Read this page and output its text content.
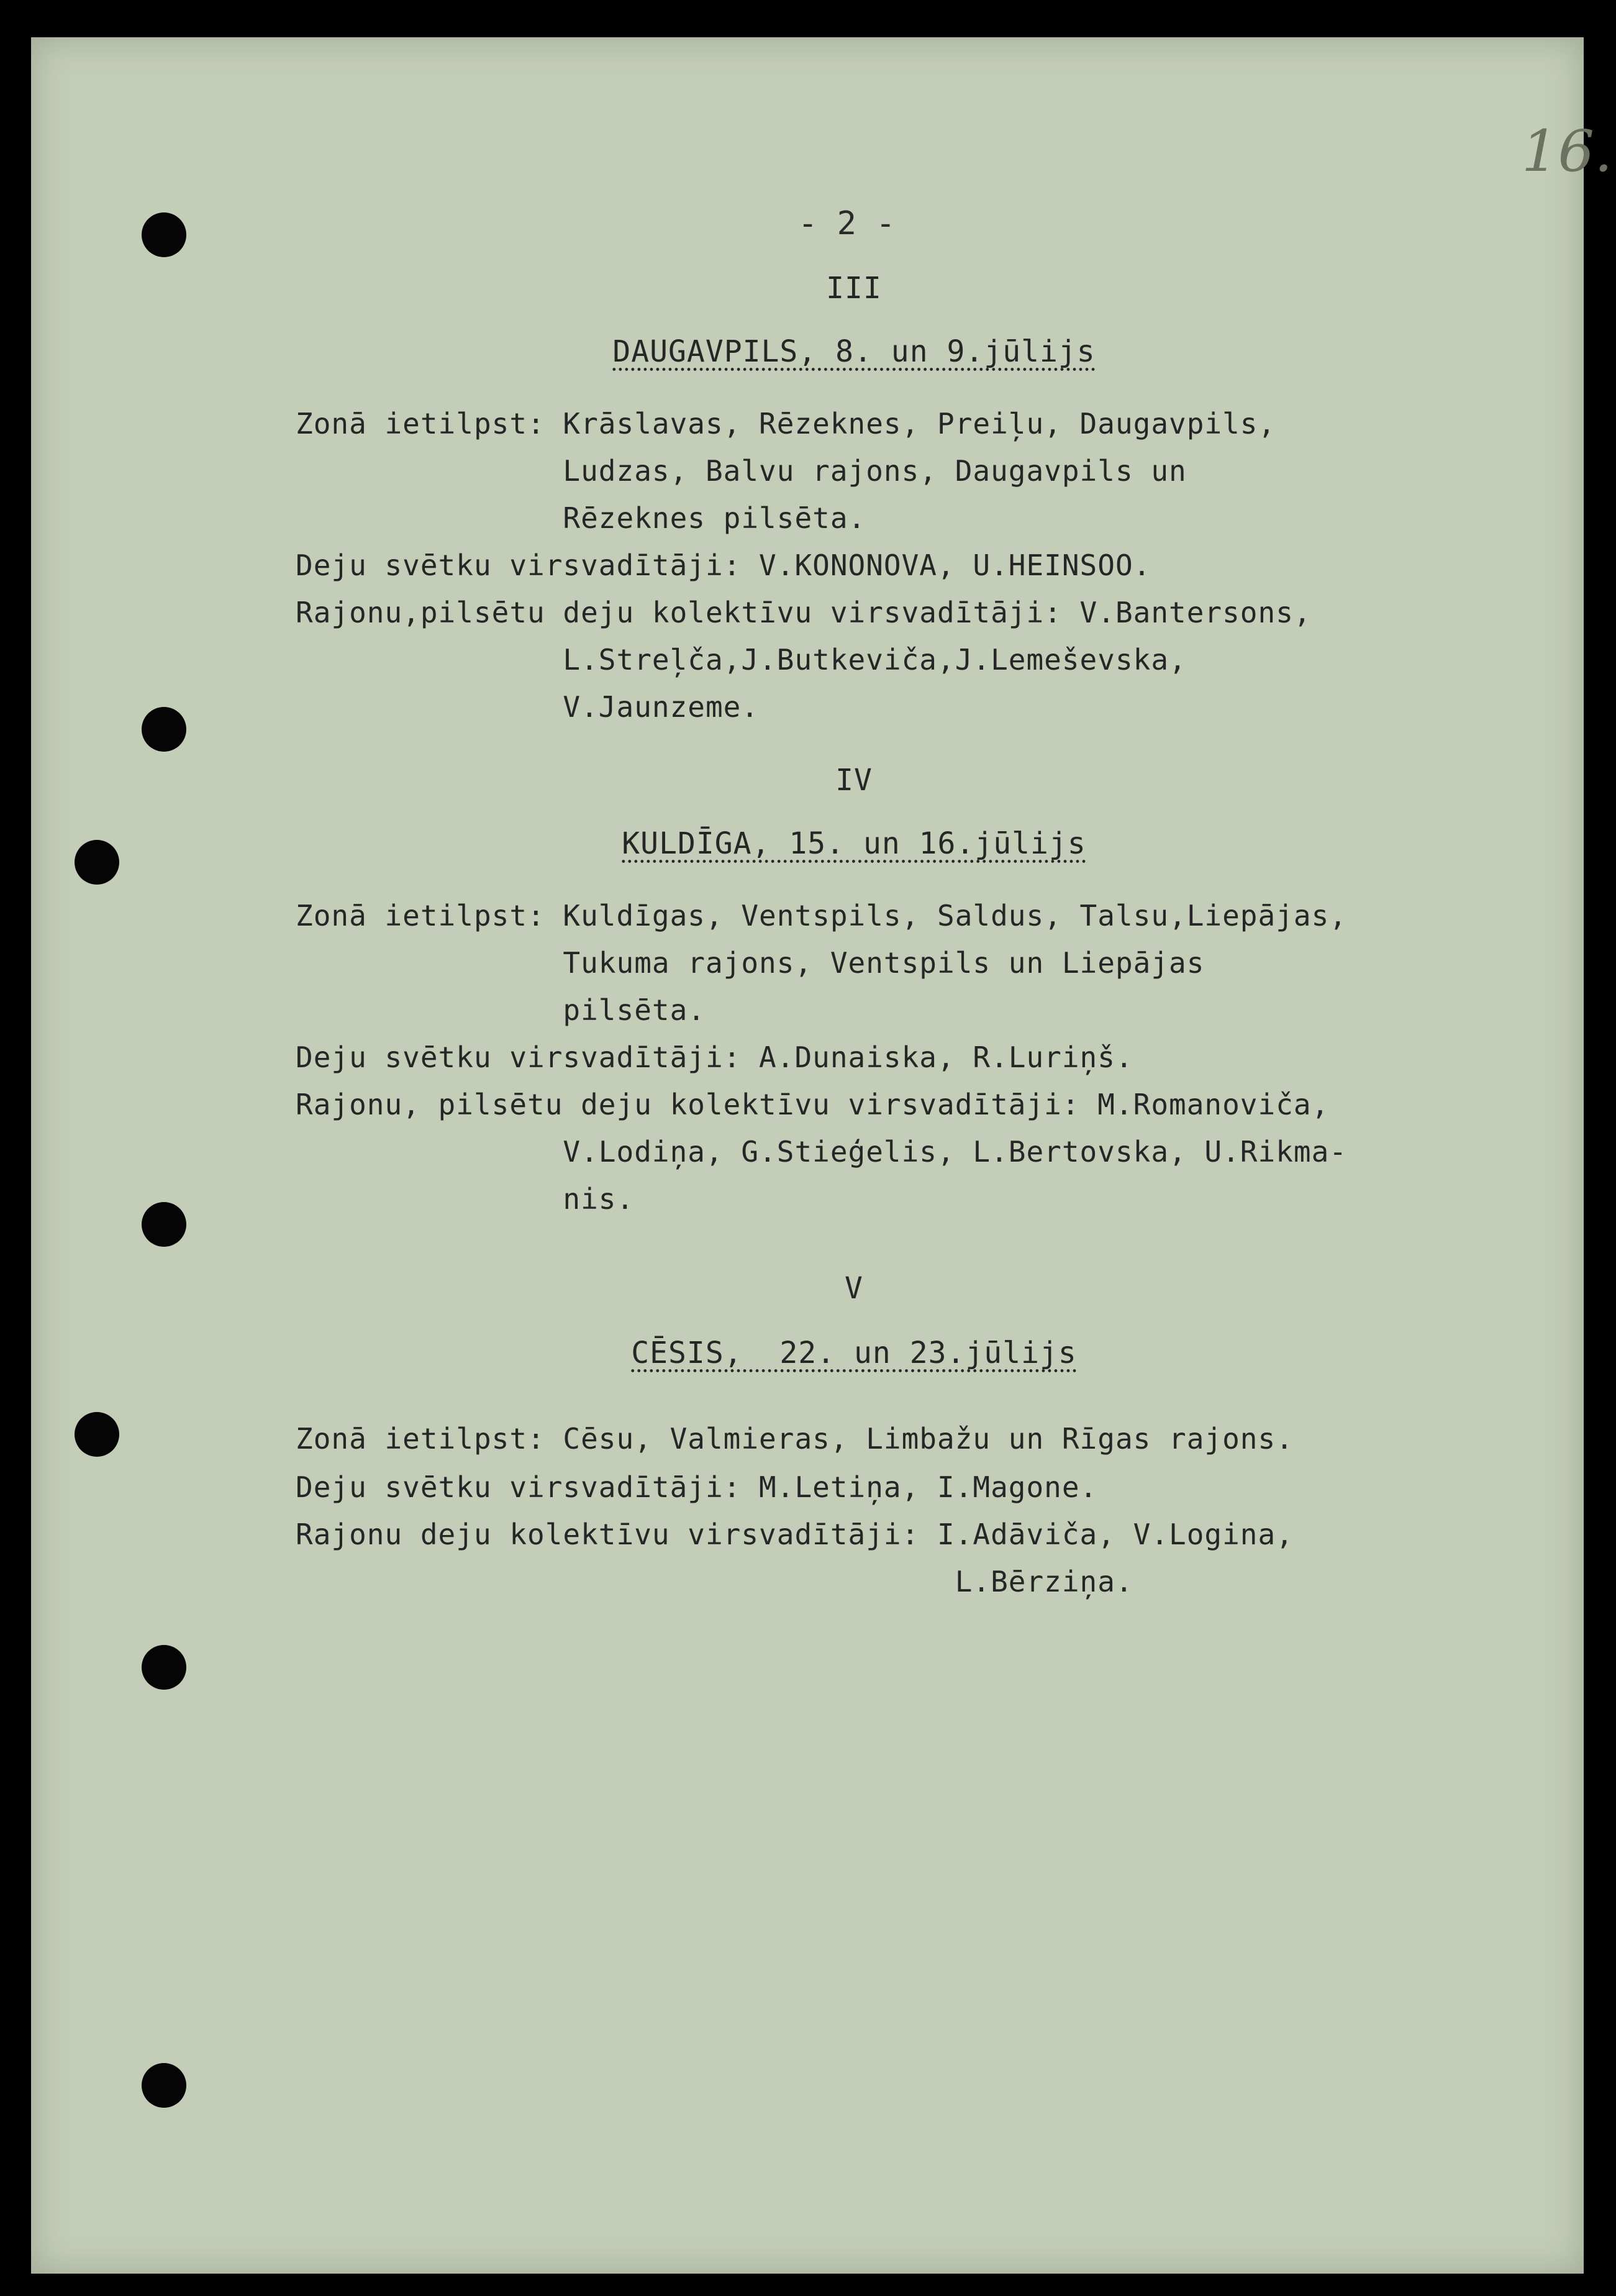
16.
- 2 -
III
DAUGAVPILS, 8. un 9.jūlijs
Zonā ietilpst: Krāslavas, Rēzeknes, Preiļu, Daugavpils,
Ludzas, Balvu rajons, Daugavpils un
Rēzeknes pilsēta.
Deju svētku virsvadītāji: V.KONONOVA, U.HEINSOO.
Rajonu,pilsētu deju kolektīvu virsvadītāji: V.Bantersons,
L.Streļča,J.Butkeviča,J.Lemeševska,
V.Jaunzeme.
IV
KULDĪGA, 15. un 16.jūlijs
Zonā ietilpst: Kuldīgas, Ventspils, Saldus, Talsu,Liepājas,
Tukuma rajons, Ventspils un Liepājas
pilsēta.
Deju svētku virsvadītāji: A.Dunaiska, R.Luriņš.
Rajonu, pilsētu deju kolektīvu virsvadītāji: M.Romanoviča,
V.Lodiņa, G.Stieģelis, L.Bertovska, U.Rikma-
nis.
V
CĒSIS,  22. un 23.jūlijs
Zonā ietilpst: Cēsu, Valmieras, Limbažu un Rīgas rajons.
Deju svētku virsvadītāji: M.Letiņa, I.Magone.
Rajonu deju kolektīvu virsvadītāji: I.Adāviča, V.Logina,
L.Bērziņa.
